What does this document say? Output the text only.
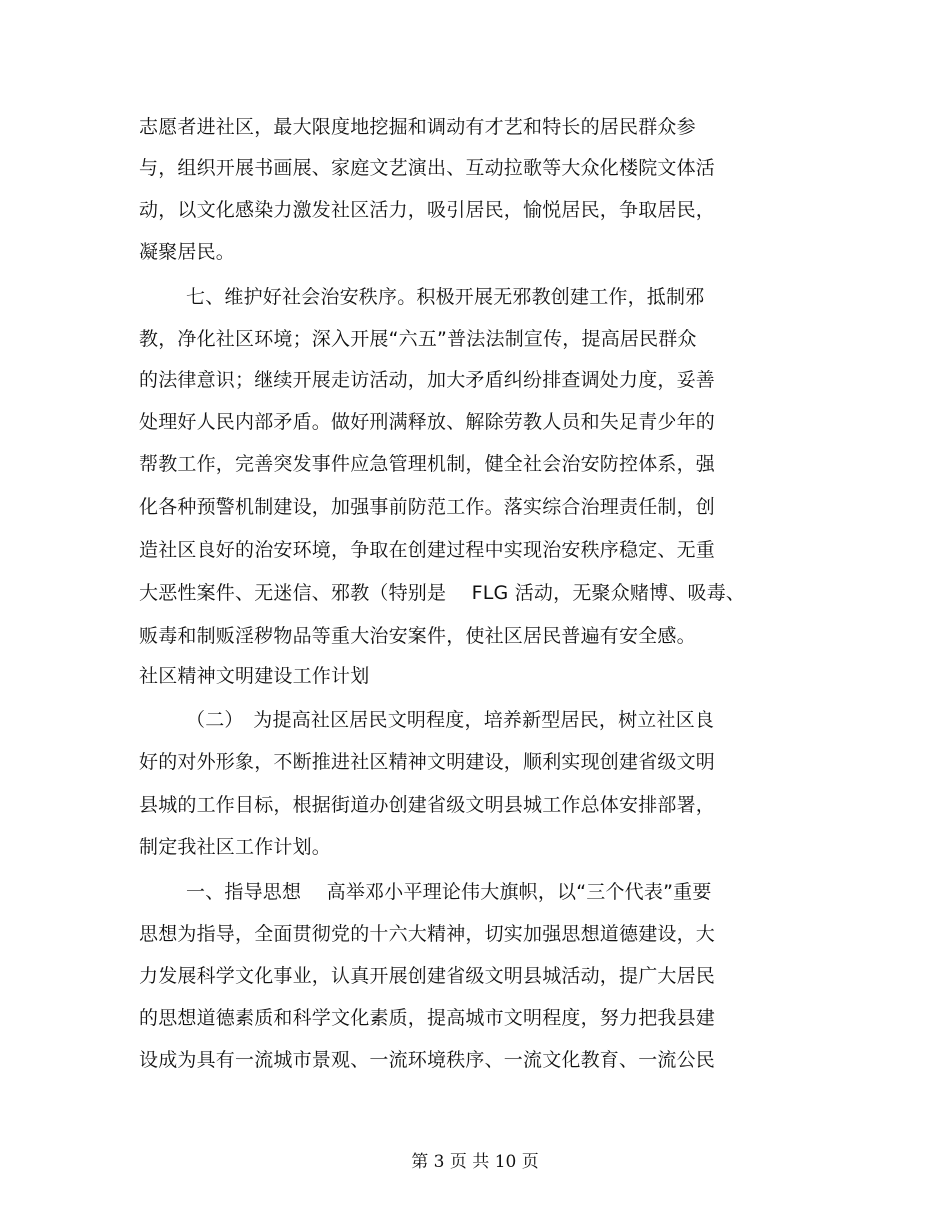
志愿者进社区，最大限度地挖掘和调动有才艺和特长的居民群众参
与，组织开展书画展、家庭文艺演出、互动拉歌等大众化楼院文体活
动，以文化感染力激发社区活力，吸引居民，愉悦居民，争取居民，
凝聚居民。
七、维护好社会治安秩序。积极开展无邪教创建工作，抵制邪
教，净化社区环境；深入开展“六五”普法法制宣传，提高居民群众
的法律意识；继续开展走访活动，加大矛盾纠纷排查调处力度，妥善
处理好人民内部矛盾。做好刑满释放、解除劳教人员和失足青少年的
帮教工作，完善突发事件应急管理机制，健全社会治安防控体系，强
化各种预警机制建设，加强事前防范工作。落实综合治理责任制，创
造社区良好的治安环境，争取在创建过程中实现治安秩序稳定、无重
大恶性案件、无迷信、邪教（特别是　 FLG 活动，无聚众赌博、吸毒、
贩毒和制贩淫秽物品等重大治安案件，使社区居民普遍有安全感。
社区精神文明建设工作计划
（二）　为提高社区居民文明程度，培养新型居民，树立社区良
好的对外形象，不断推进社区精神文明建设，顺利实现创建省级文明
县城的工作目标，根据街道办创建省级文明县城工作总体安排部署，
制定我社区工作计划。
一、指导思想　 高举邓小平理论伟大旗帜，以“三个代表”重要
思想为指导，全面贯彻党的十六大精神，切实加强思想道德建设，大
力发展科学文化事业，认真开展创建省级文明县城活动，提广大居民
的思想道德素质和科学文化素质，提高城市文明程度，努力把我县建
设成为具有一流城市景观、一流环境秩序、一流文化教育、一流公民
第 3 页 共 10 页
